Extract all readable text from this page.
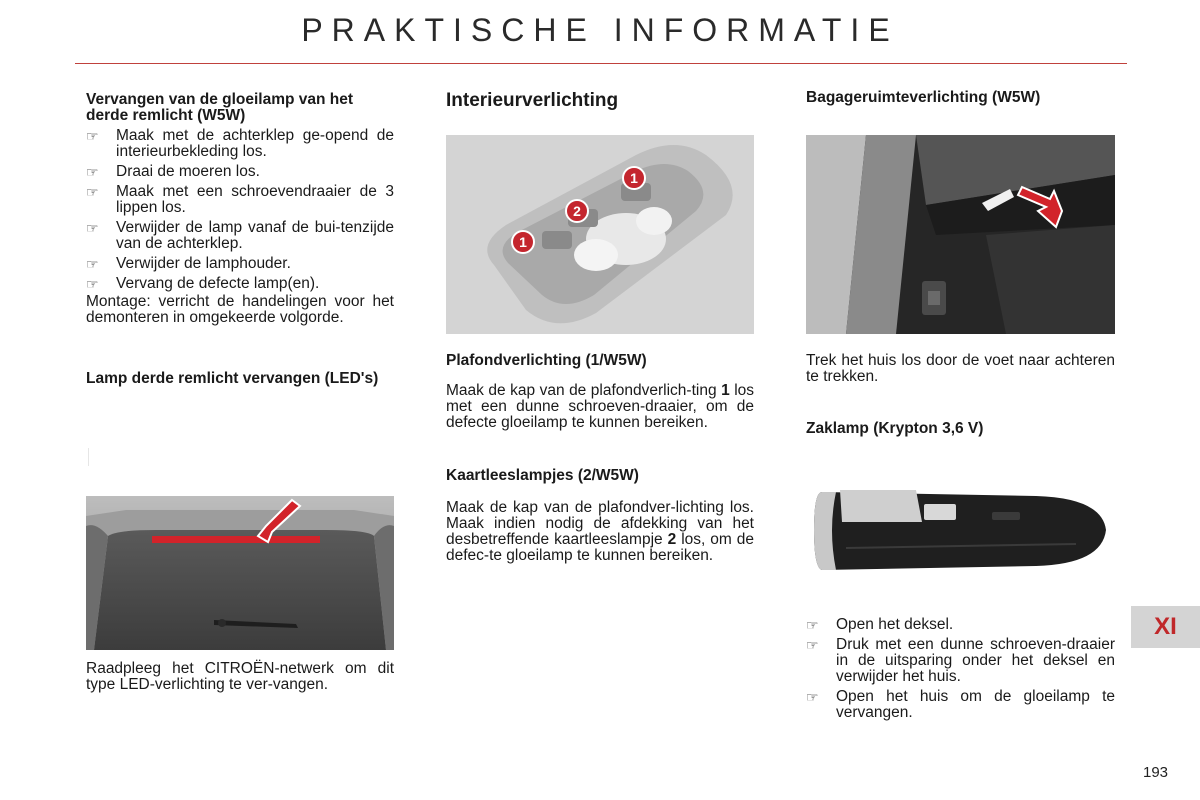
PRAKTISCHE INFORMATIE

Vervangen van de gloeilamp van het derde remlicht (W5W)

☞ Maak met de achterklep ge-opend de interieurbekleding los.
☞ Draai de moeren los.
☞ Maak met een schroevendraaier de 3 lippen los.
☞ Verwijder de lamp vanaf de bui-tenzijde van de achterklep.
☞ Verwijder de lamphouder.
☞ Vervang de defecte lamp(en).

Montage: verricht de handelingen voor het demonteren in omgekeerde volgorde.

Lamp derde remlicht vervangen (LED's)

Raadpleeg het CITROËN-netwerk om dit type LED-verlichting te ver-vangen.

Interieurverlichting

1
2
1

Plafondverlichting (1/W5W)

Maak de kap van de plafondverlich-ting 1 los met een dunne schroeven-draaier, om de defecte gloeilamp te kunnen bereiken.

Kaartleeslampjes (2/W5W)

Maak de kap van de plafondver-lichting los. Maak indien nodig de afdekking van het desbetreffende kaartleeslampje 2 los, om de defec-te gloeilamp te kunnen bereiken.

Bagageruimteverlichting (W5W)

Trek het huis los door de voet naar achteren te trekken.

Zaklamp (Krypton 3,6 V)

☞ Open het deksel.
☞ Druk met een dunne schroeven-draaier in de uitsparing onder het deksel en verwijder het huis.
☞ Open het huis om de gloeilamp te vervangen.
XI
193
